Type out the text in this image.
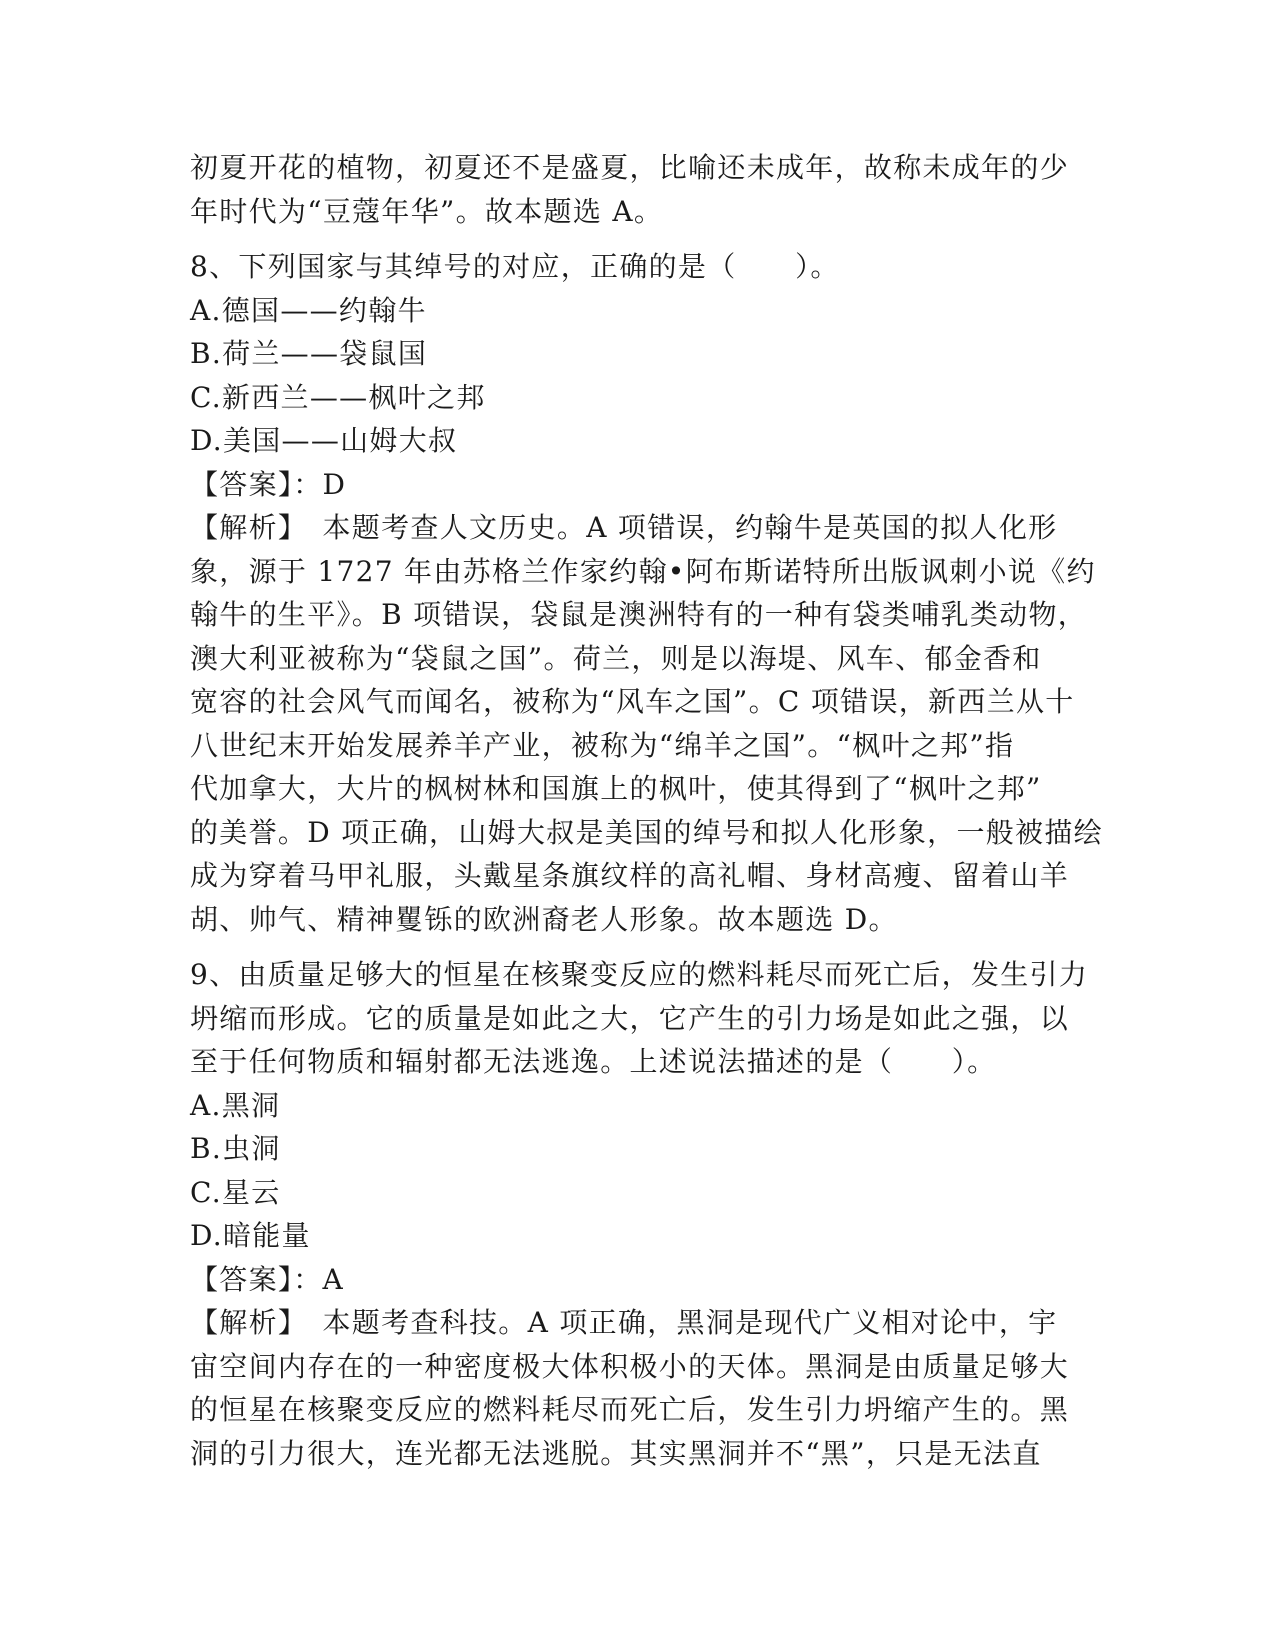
初夏开花的植物，初夏还不是盛夏，比喻还未成年，故称未成年的少
年时代为“豆蔻年华”。故本题选 A。
8、下列国家与其绰号的对应，正确的是（　　）。
A.德国——约翰牛
B.荷兰——袋鼠国
C.新西兰——枫叶之邦
D.美国——山姆大叔
【答案】：D
【解析】　本题考查人文历史。A 项错误，约翰牛是英国的拟人化形
象，源于 1727 年由苏格兰作家约翰•阿布斯诺特所出版讽刺小说《约
翰牛的生平》。B 项错误，袋鼠是澳洲特有的一种有袋类哺乳类动物，
澳大利亚被称为“袋鼠之国”。荷兰，则是以海堤、风车、郁金香和
宽容的社会风气而闻名，被称为“风车之国”。C 项错误，新西兰从十
八世纪末开始发展养羊产业，被称为“绵羊之国”。“枫叶之邦”指
代加拿大，大片的枫树林和国旗上的枫叶，使其得到了“枫叶之邦”
的美誉。D 项正确，山姆大叔是美国的绰号和拟人化形象，一般被描绘
成为穿着马甲礼服，头戴星条旗纹样的高礼帽、身材高瘦、留着山羊
胡、帅气、精神矍铄的欧洲裔老人形象。故本题选 D。
9、由质量足够大的恒星在核聚变反应的燃料耗尽而死亡后，发生引力
坍缩而形成。它的质量是如此之大，它产生的引力场是如此之强，以
至于任何物质和辐射都无法逃逸。上述说法描述的是（　　）。
A.黑洞
B.虫洞
C.星云
D.暗能量
【答案】：A
【解析】　本题考查科技。A 项正确，黑洞是现代广义相对论中，宇
宙空间内存在的一种密度极大体积极小的天体。黑洞是由质量足够大
的恒星在核聚变反应的燃料耗尽而死亡后，发生引力坍缩产生的。黑
洞的引力很大，连光都无法逃脱。其实黑洞并不“黑”，只是无法直
